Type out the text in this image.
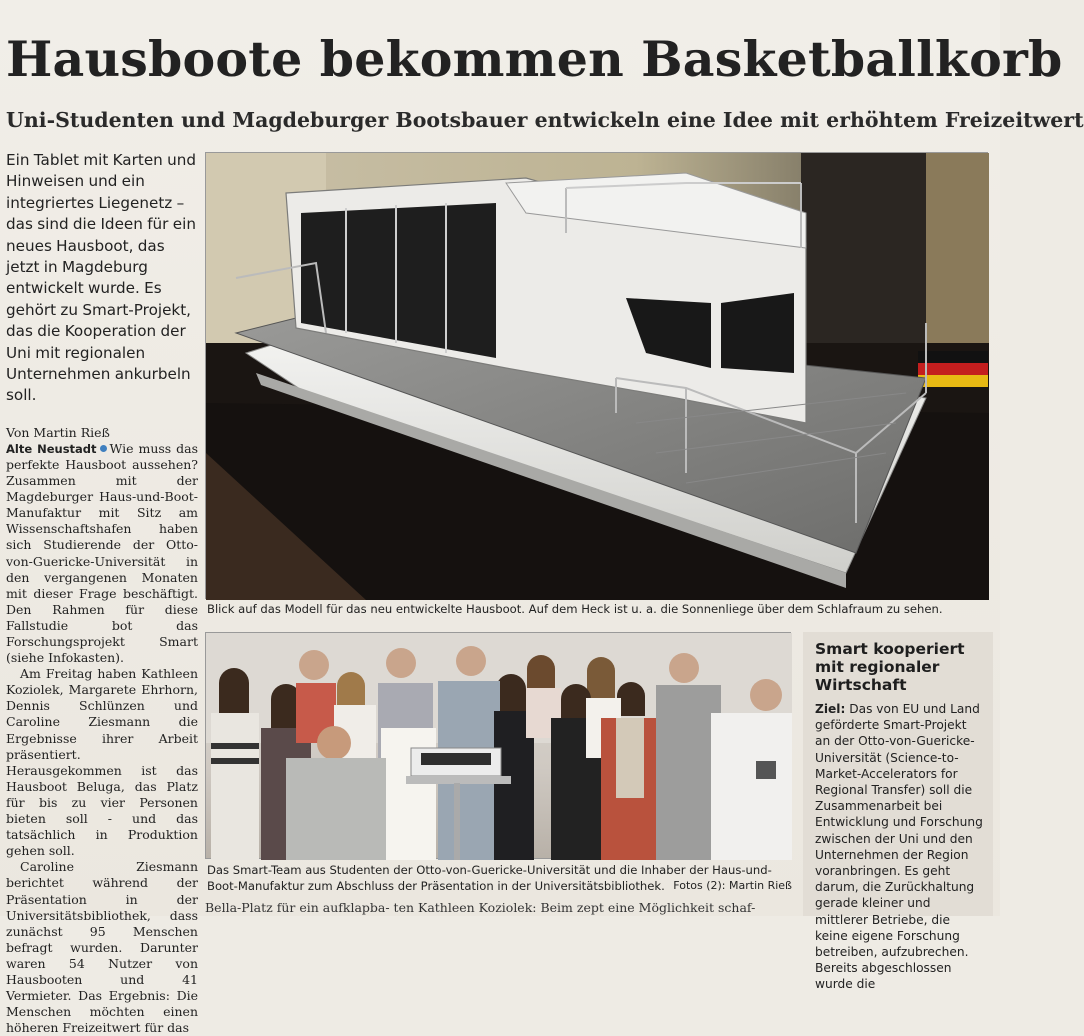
Hausboote bekommen Basketballkorb
Uni-Studenten und Magdeburger Bootsbauer entwickeln eine Idee mit erhöhtem Freizeitwert

Ein Tablet mit Karten und Hinweisen und ein integriertes Liegenetz – das sind die Ideen für ein neues Hausboot, das jetzt in Magdeburg entwickelt wurde. Es gehört zu Smart-Projekt, das die Kooperation der Uni mit regionalen Unternehmen ankurbeln soll.

Von Martin Rieß

Alte Neustadt Wie muss das perfekte Hausboot aussehen? Zusammen mit der Magdeburger Haus-und-Boot-Manufaktur mit Sitz am Wissenschaftshafen haben sich Studierende der Otto-von-Guericke-Universität in den vergangenen Monaten mit dieser Frage beschäftigt. Den Rahmen für diese Fallstudie bot das Forschungsprojekt Smart (siehe Infokasten).

Am Freitag haben Kathleen Koziolek, Margarete Ehrhorn, Dennis Schlünzen und Caroline Ziesmann die Ergebnisse ihrer Arbeit präsentiert. Herausgekommen ist das Hausboot Beluga, das Platz für bis zu vier Personen bieten soll - und das tatsächlich in Produktion gehen soll.

Caroline Ziesmann berichtet während der Präsentation in der Universitätsbibliothek, dass zunächst 95 Menschen befragt wurden. Darunter waren 54 Nutzer von Hausbooten und 41 Vermieter. Das Ergebnis: Die Menschen möchten einen höheren Freizeitwert für das

Blick auf das Modell für das neu entwickelte Hausboot. Auf dem Heck ist u. a. die Sonnenliege über dem Schlafraum zu sehen.

Das Smart-Team aus Studenten der Otto-von-Guericke-Universität und die Inhaber der Haus-und-Boot-Manufaktur zum Abschluss der Präsentation in der Universitätsbibliothek. Fotos (2): Martin Rieß
Smart kooperiert mit regionaler Wirtschaft

Ziel: Das von EU und Land geförderte Smart-Projekt an der Otto-von-Guericke-Universität (Science-to-Market-Accelerators for Regional Transfer) soll die Zusammenarbeit bei Entwicklung und Forschung zwischen der Uni und den Unternehmen der Region voranbringen. Es geht darum, die Zurückhaltung gerade kleiner und mittlerer Betriebe, die keine eigene Forschung betreiben, aufzubrechen. Bereits abgeschlossen wurde die

Bella-Platz für ein aufklapba- ten Kathleen Koziolek: Beim zept eine Möglichkeit schaf-
